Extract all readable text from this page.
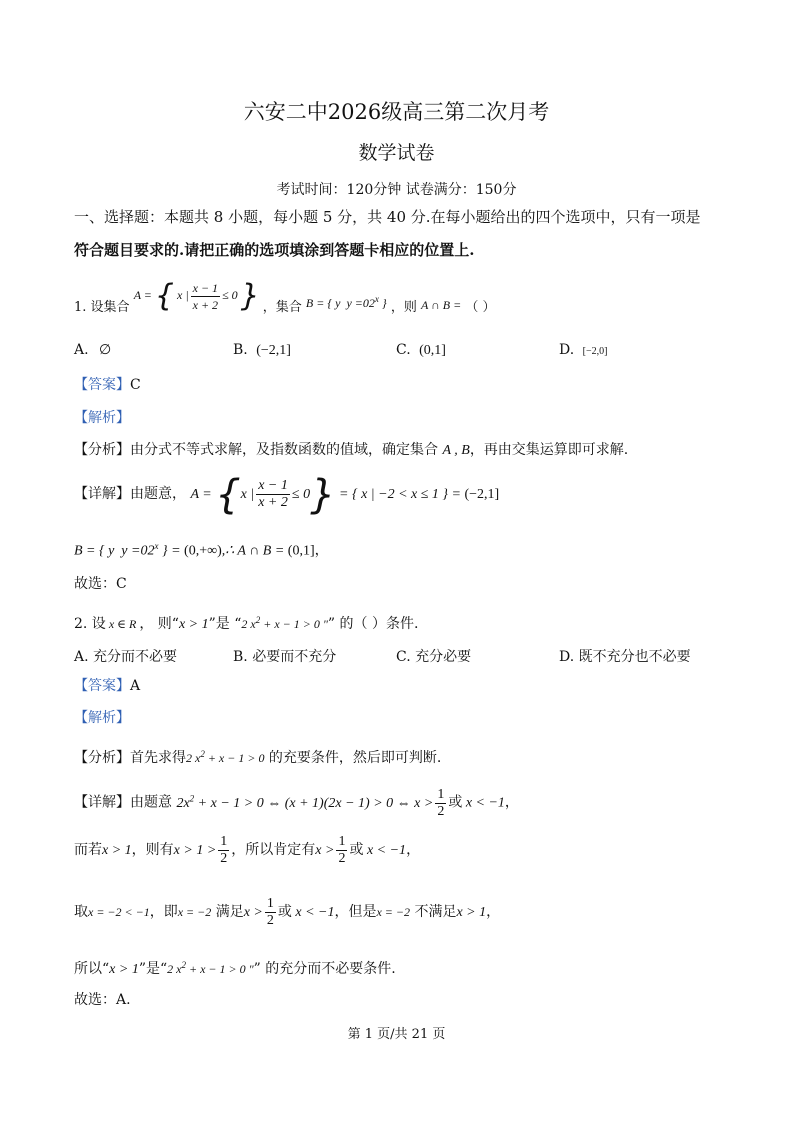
六安二中2026级高三第二次月考
数学试卷
考试时间：120分钟 试卷满分：150分
一、选择题：本题共 8 小题，每小题 5 分，共 40 分.在每小题给出的四个选项中，只有一项是
符合题目要求的.请把正确的选项填涂到答题卡相应的位置上.
1. 设集合 A = { x | $\frac{x - 1}{x + 2} \le 0$ } ，集合 B = { y  $y =02^x$ } ，则 A ∩ B = （ ）
A. ∅	B. (−2,1]	C. (0,1]	D. [−2,0]
【答案】C
【解析】
【分析】由分式不等式求解，及指数函数的值域，确定集合 A , B，再由交集运算即可求解.
【详解】由题意， A = {x | $\frac{x - 1}{x + 2} \le 0$} = { x | −2 < x ≤ 1 } = (−2,1]
B = { y  $y =02^x$ } = (0,+∞),∴ A ∩ B = (0,1]，
故选：C
2. 设 x ∈ R ， 则“x > 1”是 “2 $x^2 + x - 1 > 0$ "” 的（ ）条件.
A. 充分而不必要	B. 必要而不充分	C. 充分必要	D. 既不充分也不必要
【答案】A
【解析】
【分析】首先求得2 $x^2 + x - 1 > 0$ 的充要条件，然后即可判断.
【详解】由题意 $2x^2 + x - 1 > 0$ ⇔ (x + 1)(2x − 1) > 0 ⇔ $x > \frac{1}{2}$ 或 x < −1，
而若x > 1，则有$x > 1 > \frac{1}{2}$ ，所以肯定有$x > \frac{1}{2}$ 或 x < −1，
取x = −2 < −1，即x = −2 满足$x > \frac{1}{2}$ 或 x < −1，但是x = −2 不满足x > 1，
所以“x > 1”是“2 $x^2 + x - 1 > 0$ "” 的充分而不必要条件.
故选：A.
第 1 页/共 21 页
